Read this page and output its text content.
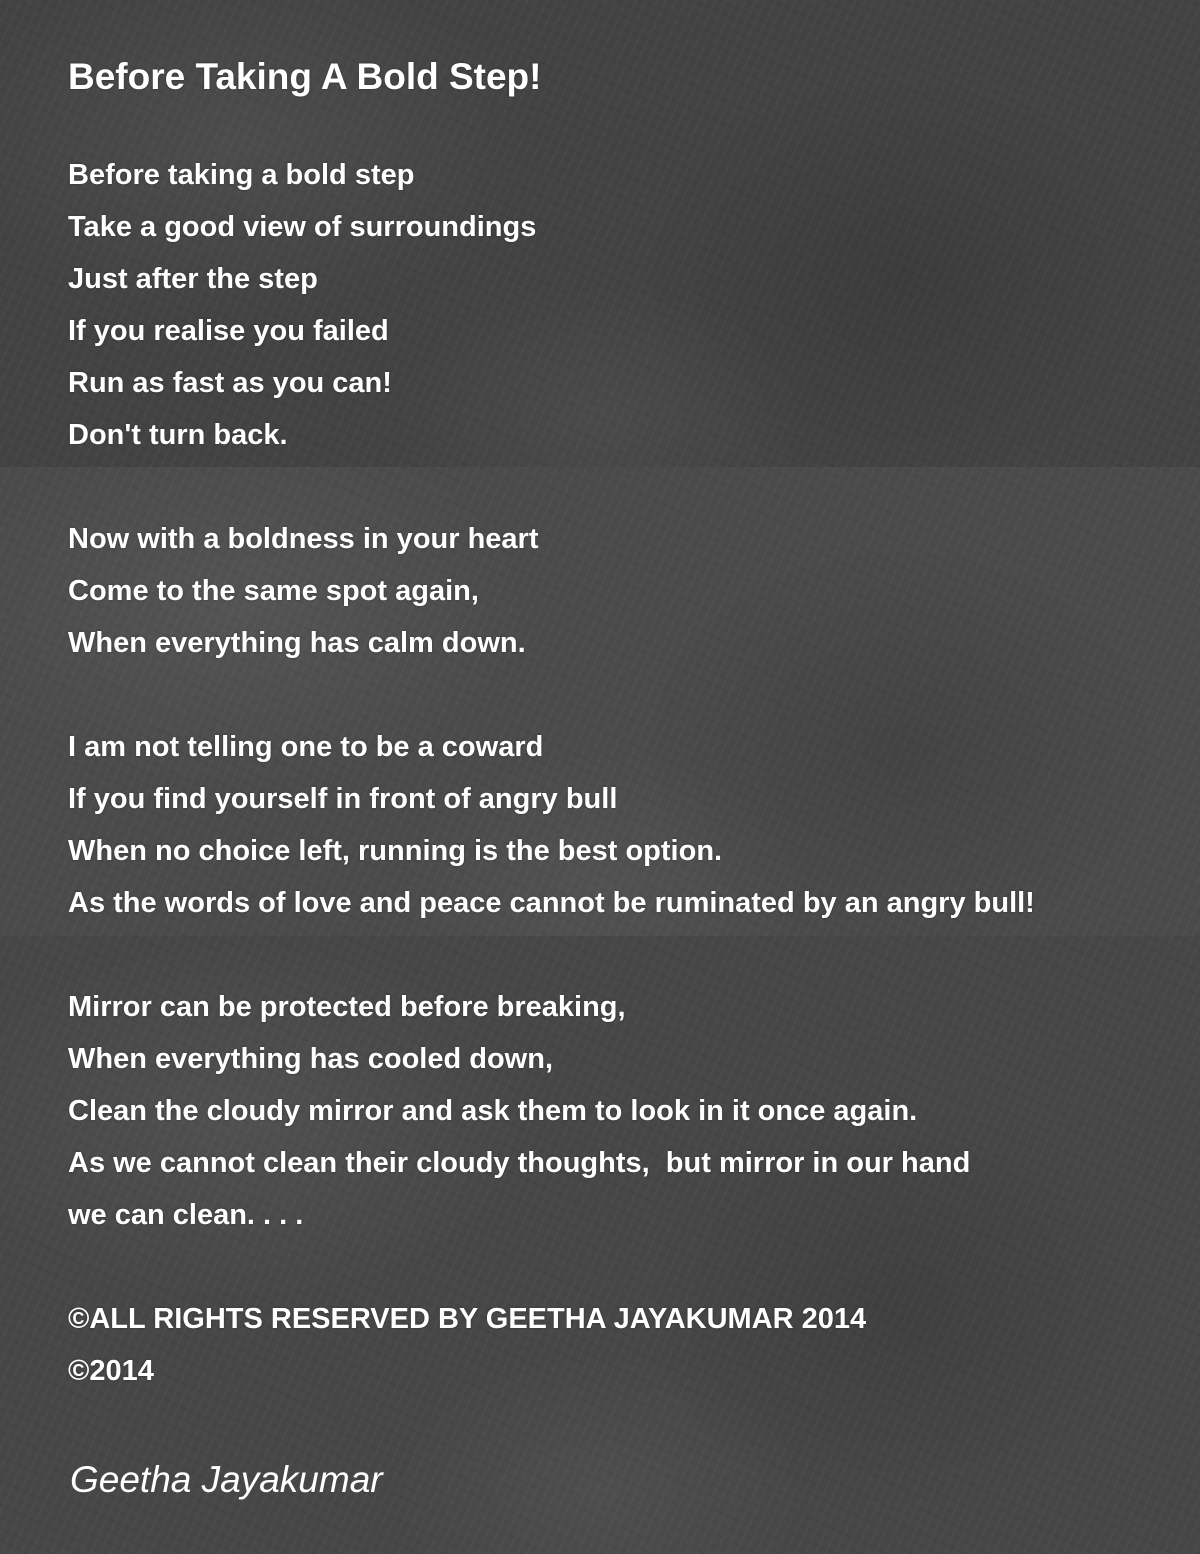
Before Taking A Bold Step!

Before taking a bold step

Take a good view of surroundings

Just after the step

If you realise you failed

Run as fast as you can!

Don't turn back.

Now with a boldness in your heart

Come to the same spot again,

When everything has calm down.

I am not telling one to be a coward

If you find yourself in front of angry bull

When no choice left, running is the best option.

As the words of love and peace cannot be ruminated by an angry bull!

Mirror can be protected before breaking,

When everything has cooled down,

Clean the cloudy mirror and ask them to look in it once again.

As we cannot clean their cloudy thoughts,  but mirror in our hand

we can clean. . . .

©ALL RIGHTS RESERVED BY GEETHA JAYAKUMAR 2014

©2014

Geetha Jayakumar
